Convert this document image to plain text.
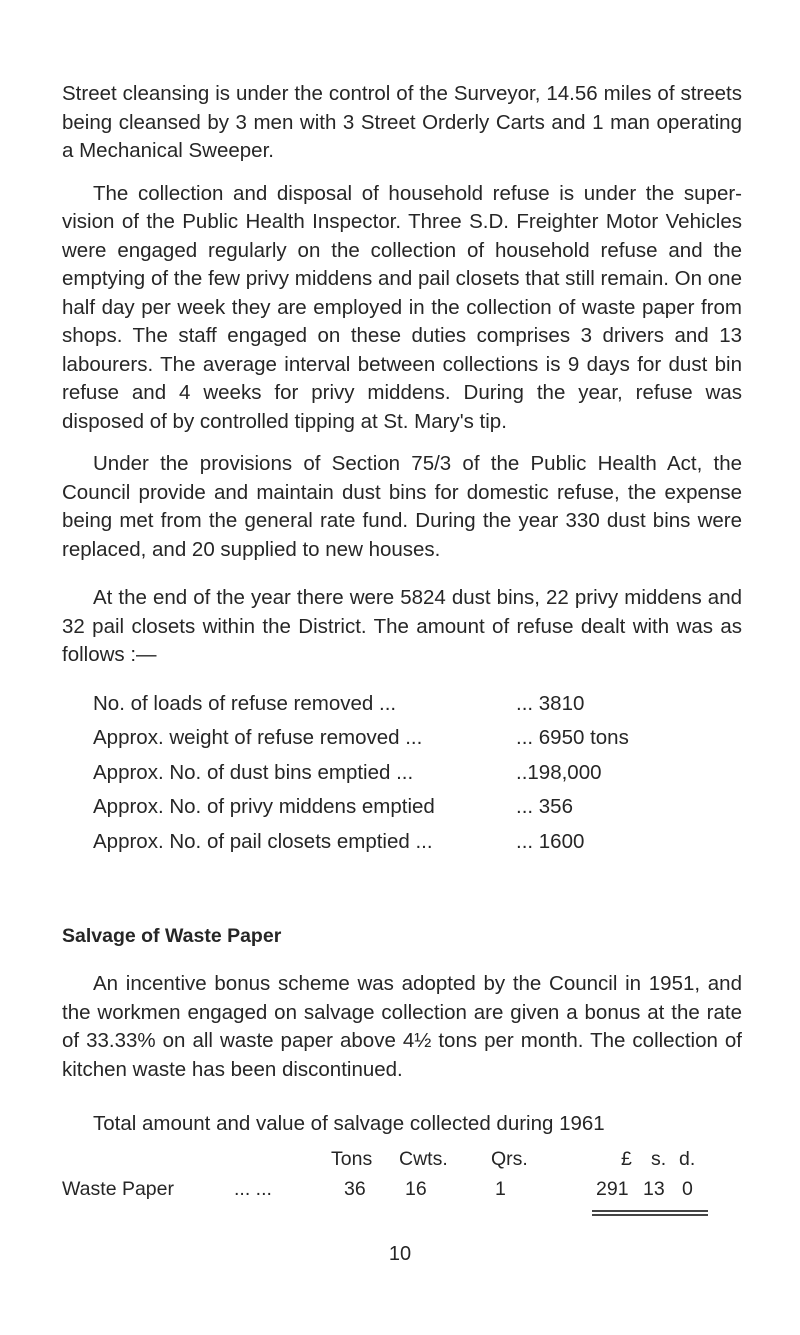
Street cleansing is under the control of the Surveyor, 14.56 miles of streets being cleansed by 3 men with 3 Street Orderly Carts and 1 man operating a Mechanical Sweeper.

The collection and disposal of household refuse is under the super- vision of the Public Health Inspector. Three S.D. Freighter Motor Vehicles were engaged regularly on the collection of household refuse and the emptying of the few privy middens and pail closets that still remain. On one half day per week they are employed in the collection of waste paper from shops. The staff engaged on these duties comprises 3 drivers and 13 labourers. The average interval between collections is 9 days for dust bin refuse and 4 weeks for privy middens. During the year, refuse was disposed of by controlled tipping at St. Mary's tip.

Under the provisions of Section 75/3 of the Public Health Act, the Council provide and maintain dust bins for domestic refuse, the expense being met from the general rate fund. During the year 330 dust bins were replaced, and 20 supplied to new houses.

At the end of the year there were 5824 dust bins, 22 privy middens and 32 pail closets within the District. The amount of refuse dealt with was as follows :—

No. of loads of refuse removed ...	... 3810
Approx. weight of refuse removed ...	... 6950 tons
Approx. No. of dust bins emptied ...	..198,000
Approx. No. of privy middens emptied	... 356
Approx. No. of pail closets emptied ...	... 1600
Salvage of Waste Paper

An incentive bonus scheme was adopted by the Council in 1951, and the workmen engaged on salvage collection are given a bonus at the rate of 33.33% on all waste paper above 4½ tons per month. The collection of kitchen waste has been discontinued.

Total amount and value of salvage collected during 1961
Tons Cwts. Qrs.	£ s. d.
Waste Paper	... ...	36 16	1	291 13 0
10
